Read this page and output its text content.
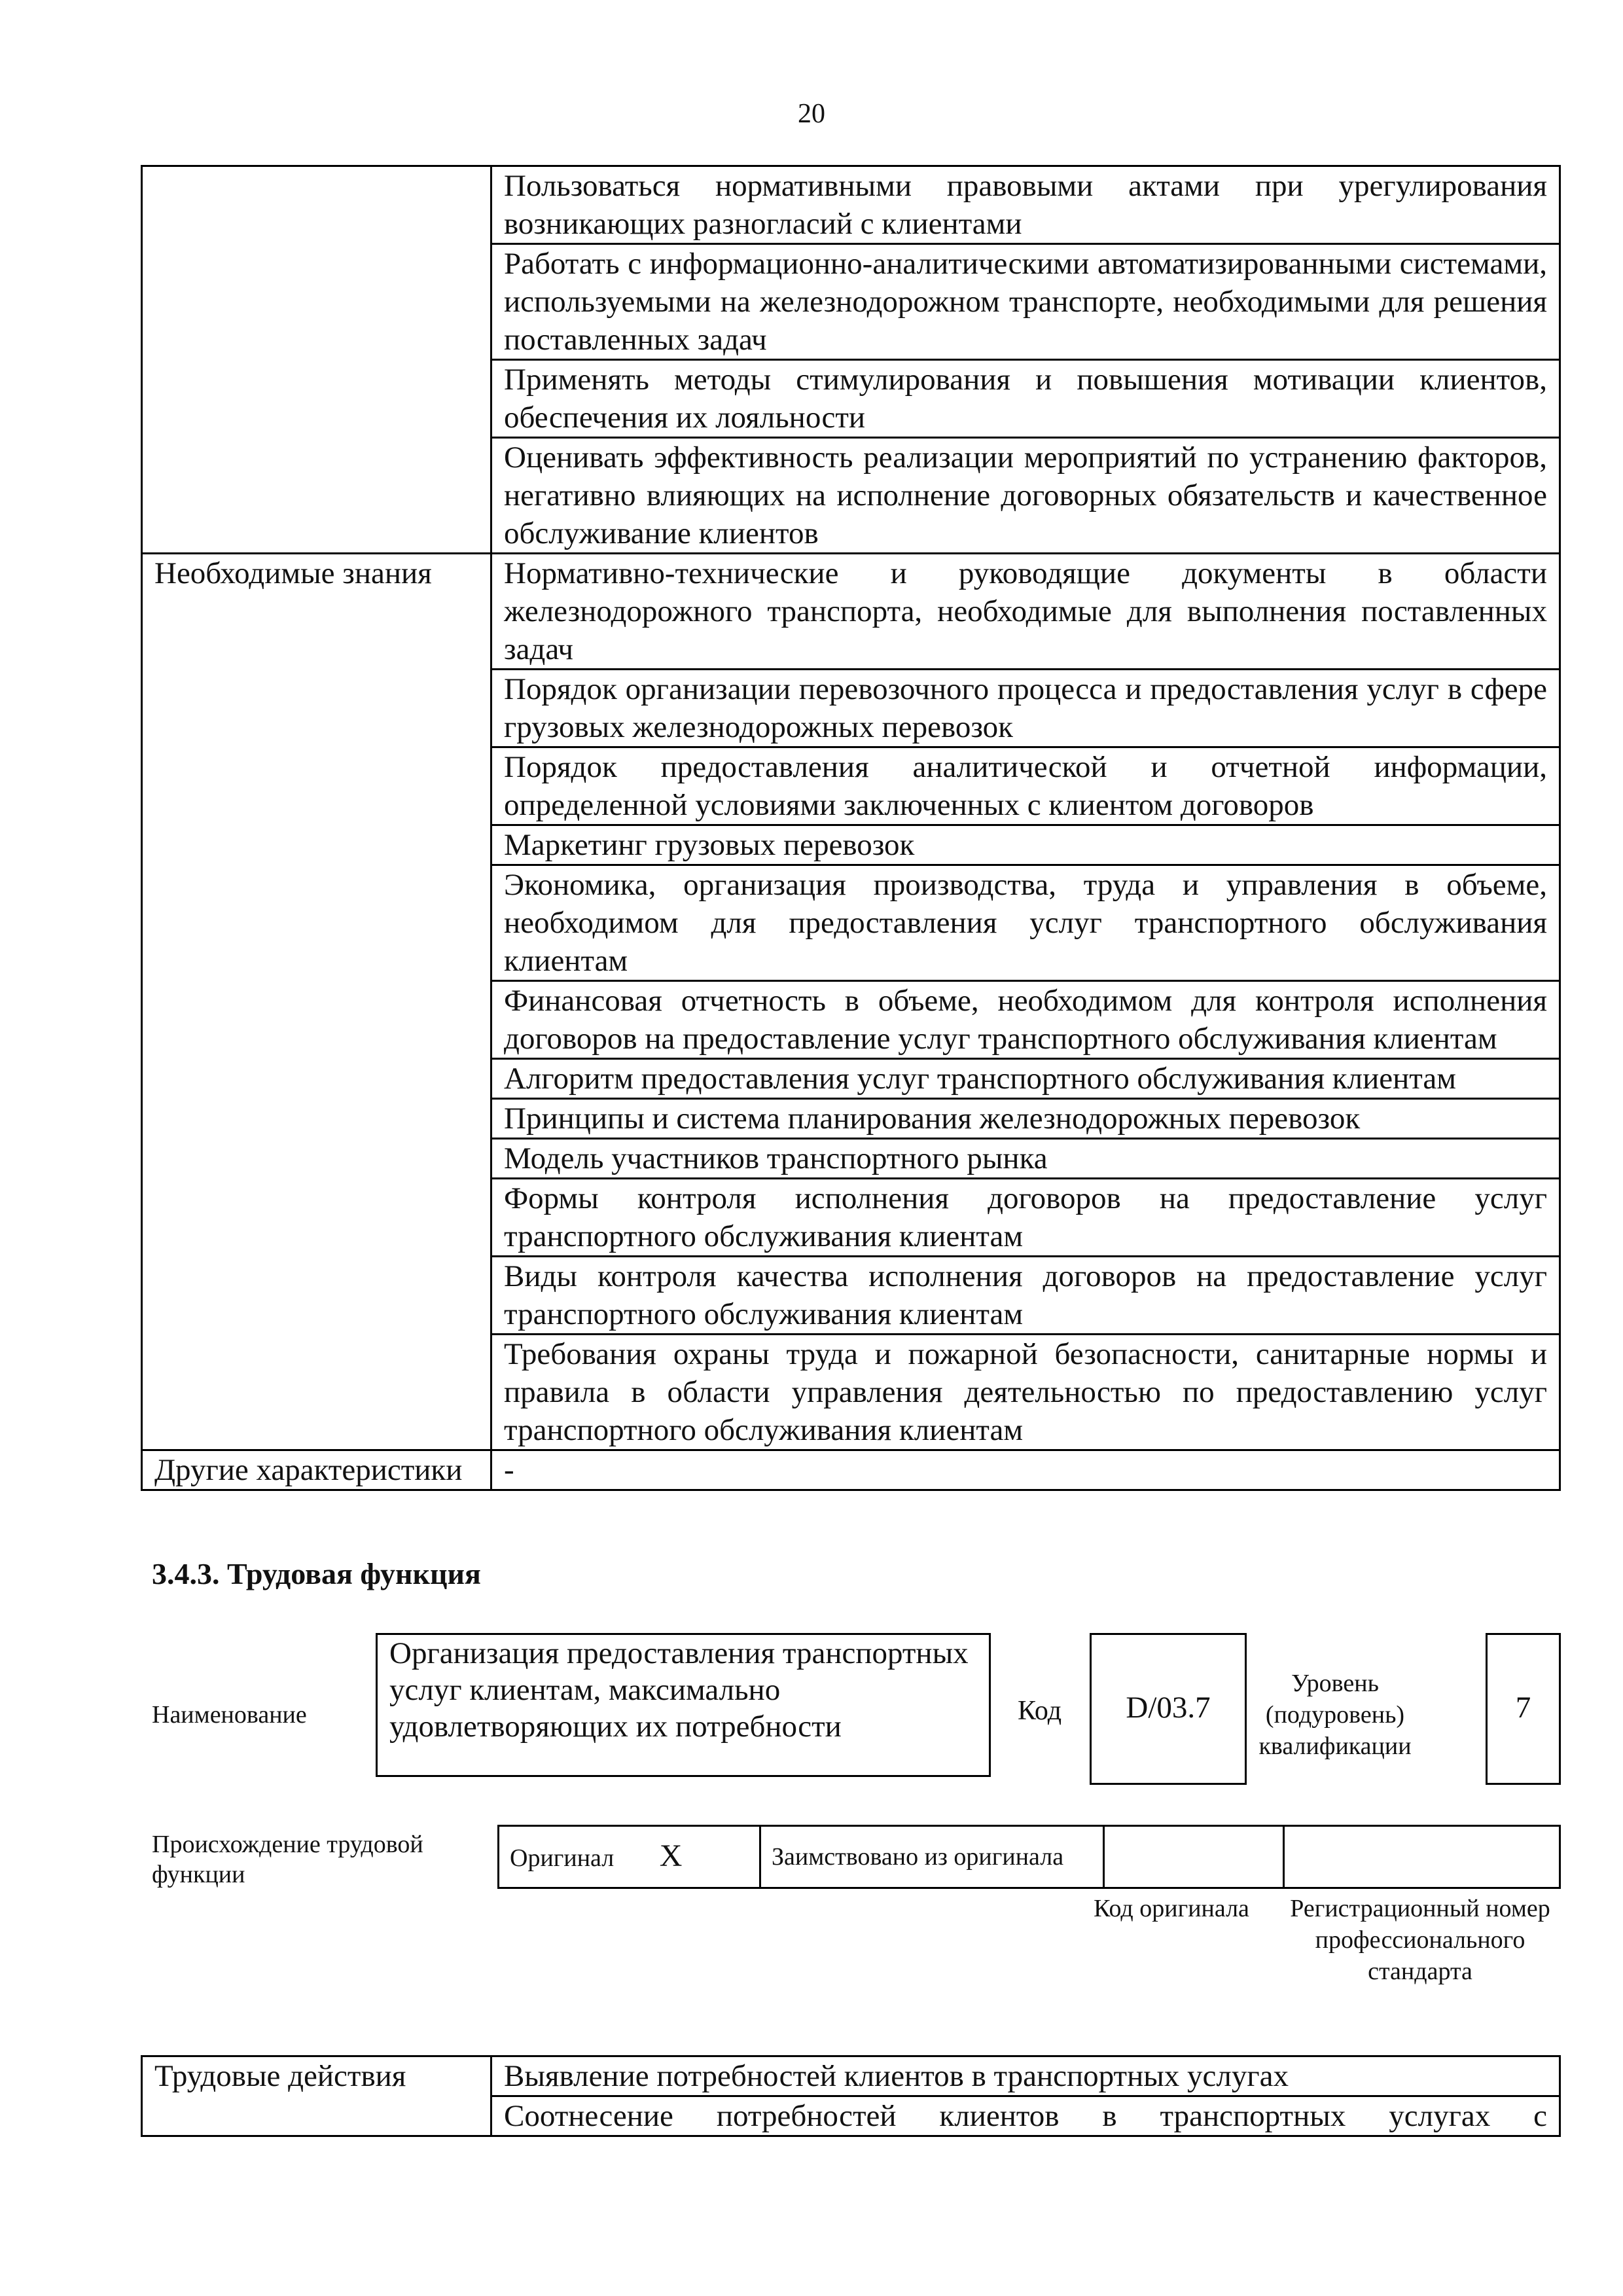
20
	Пользоваться нормативными правовыми актами при урегулирования возникающих разногласий с клиентами
	Работать с информационно-аналитическими автоматизированными системами, используемыми на железнодорожном транспорте, необходимыми для решения поставленных задач
	Применять методы стимулирования и повышения мотивации клиентов, обеспечения их лояльности
	Оценивать эффективность реализации мероприятий по устранению факторов, негативно влияющих на исполнение договорных обязательств и качественное обслуживание клиентов
Необходимые знания	Нормативно-технические и руководящие документы в области железнодорожного транспорта, необходимые для выполнения поставленных задач
	Порядок организации перевозочного процесса и предоставления услуг в сфере грузовых железнодорожных перевозок
	Порядок предоставления аналитической и отчетной информации, определенной условиями заключенных с клиентом договоров
	Маркетинг грузовых перевозок
	Экономика, организация производства, труда и управления в объеме, необходимом для предоставления услуг транспортного обслуживания клиентам
	Финансовая отчетность в объеме, необходимом для контроля исполнения договоров на предоставление услуг транспортного обслуживания клиентам
	Алгоритм предоставления услуг транспортного обслуживания клиентам
	Принципы и система планирования железнодорожных перевозок
	Модель участников транспортного рынка
	Формы контроля исполнения договоров на предоставление услуг транспортного обслуживания клиентам
	Виды контроля качества исполнения договоров на предоставление услуг транспортного обслуживания клиентам
	Требования охраны труда и пожарной безопасности, санитарные нормы и правила в области управления деятельностью по предоставлению услуг транспортного обслуживания клиентам
Другие характеристики	-
3.4.3. Трудовая функция
Наименование
Организация предоставления транспортных услуг клиентам, максимально удовлетворяющих их потребности	Код	D/03.7
Уровень (подуровень) квалификации
7
Происхождение трудовой функции
Оригинал X	Заимствовано из оригинала		
Код оригинала	Регистрационный номер профессионального стандарта
Трудовые действия	Выявление потребностей клиентов в транспортных услугах
Соотнесение потребностей клиентов в транспортных услугах с
